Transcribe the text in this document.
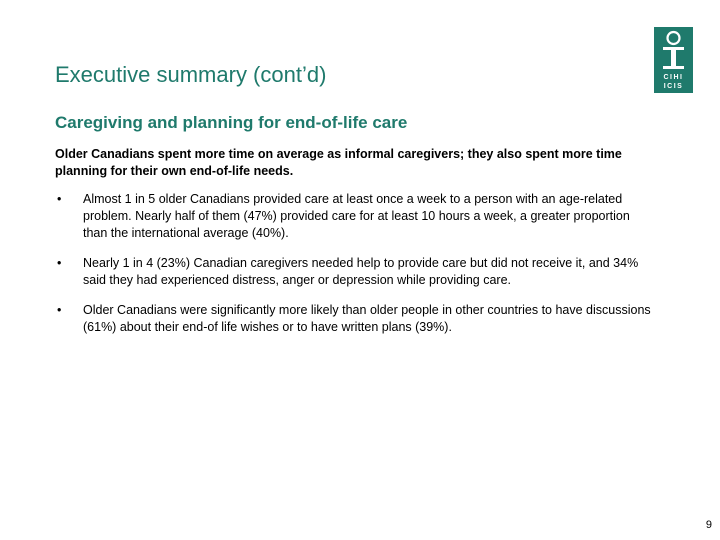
CIHI
ICIS
Executive summary (cont’d)
Caregiving and planning for end-of-life care

Older Canadians spent more time on average as informal caregivers; they also spent more time planning for their own end-of-life needs.

•	Almost 1 in 5 older Canadians provided care at least once a week to a person with an age-related problem. Nearly half of them (47%) provided care for at least 10 hours a week, a greater proportion than the international average (40%).
•	Nearly 1 in 4 (23%) Canadian caregivers needed help to provide care but did not receive it, and 34% said they had experienced distress, anger or depression while providing care.
•	Older Canadians were significantly more likely than older people in other countries to have discussions (61%) about their end-of life wishes or to have written plans (39%).
9
